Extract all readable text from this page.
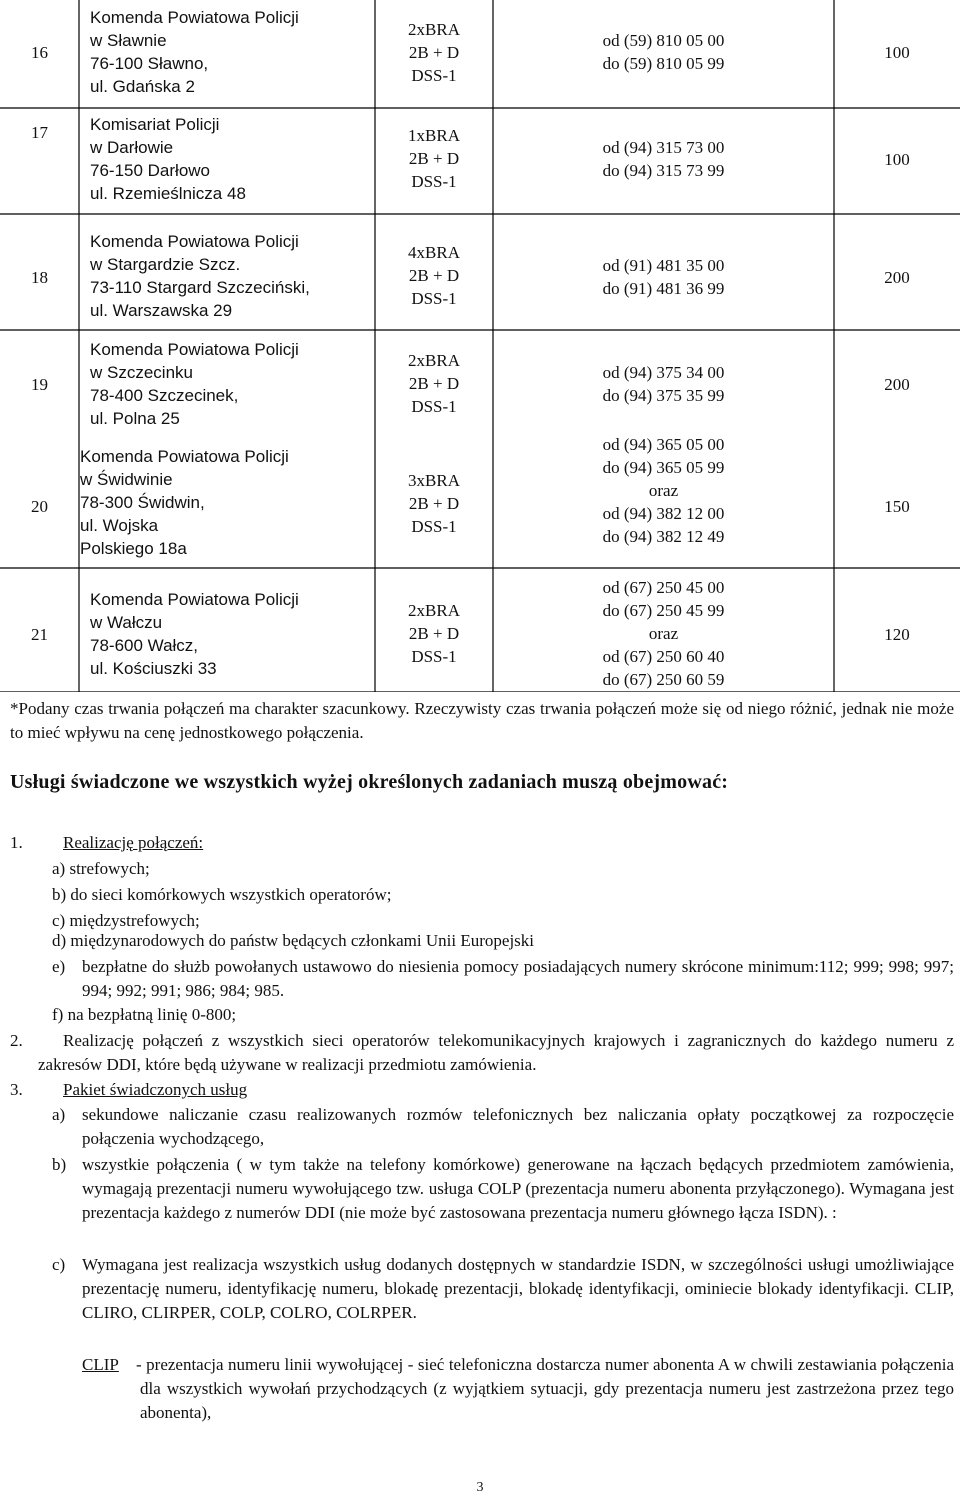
16
Komenda Powiatowa Policji
w Sławnie
76-100 Sławno,
ul. Gdańska 2
2xBRA
2B + D
DSS-1
od (59) 810 05 00
do (59) 810 05 99
100
17	Komisariat Policji
w Darłowie
76-150 Darłowo
ul. Rzemieślnicza 48
1xBRA
2B + D
DSS-1
od (94) 315 73 00
do (94) 315 73 99
100
18
Komenda Powiatowa Policji
w Stargardzie Szcz.
73-110 Stargard Szczeciński,
ul. Warszawska 29
4xBRA
2B + D
DSS-1
od (91) 481 35 00
do (91) 481 36 99
200
19
Komenda Powiatowa Policji
w Szczecinku
78-400 Szczecinek,
ul. Polna 25
2xBRA
2B + D
DSS-1
od (94) 375 34 00
do (94) 375 35 99
200
20
Komenda Powiatowa Policji
w Świdwinie
78-300 Świdwin,
ul. Wojska
Polskiego 18a
3xBRA
2B + D
DSS-1
od (94) 365 05 00
do (94) 365 05 99
oraz
od (94) 382 12 00
do (94) 382 12 49
150
21
Komenda Powiatowa Policji
w Wałczu
78-600 Wałcz,
ul. Kościuszki 33
2xBRA
2B + D
DSS-1
od (67) 250 45 00
do (67) 250 45 99
oraz
od (67) 250 60 40
do (67) 250 60 59
120
*Podany czas trwania połączeń ma charakter szacunkowy. Rzeczywisty czas trwania połączeń może się od niego różnić, jednak nie może to mieć wpływu na cenę jednostkowego połączenia.
Usługi świadczone we wszystkich wyżej określonych zadaniach muszą obejmować:
1. Realizację połączeń:
a) strefowych;
b) do sieci komórkowych wszystkich operatorów;
c) międzystrefowych;
d) międzynarodowych do państw będących członkami Unii Europejski
e) bezpłatne do służb powołanych ustawowo do niesienia pomocy posiadających numery skrócone minimum:112; 999; 998; 997; 994; 992; 991; 986; 984; 985.
f) na bezpłatną linię 0-800;
2.	Realizację połączeń z wszystkich sieci operatorów telekomunikacyjnych krajowych i zagranicznych do każdego numeru z zakresów DDI, które będą używane w realizacji przedmiotu zamówienia.
3. Pakiet świadczonych usług
a) sekundowe naliczanie czasu realizowanych rozmów telefonicznych bez naliczania opłaty początkowej za rozpoczęcie połączenia wychodzącego,
b) wszystkie połączenia ( w tym także na telefony komórkowe) generowane na łączach będących przedmiotem zamówienia, wymagają prezentacji numeru wywołującego tzw. usługa COLP (prezentacja numeru abonenta przyłączonego). Wymagana jest prezentacja każdego z numerów DDI (nie może być zastosowana prezentacja numeru głównego łącza ISDN). :
c) Wymagana jest realizacja wszystkich usług dodanych dostępnych w standardzie ISDN, w szczególności usługi umożliwiające prezentację numeru, identyfikację numeru, blokadę prezentacji, blokadę identyfikacji, ominiecie blokady identyfikacji. CLIP, CLIRO, CLIRPER, COLP, COLRO, COLRPER.
CLIP - prezentacja numeru linii wywołującej - sieć telefoniczna dostarcza numer abonenta A w chwili zestawiania połączenia dla wszystkich wywołań przychodzących (z wyjątkiem sytuacji, gdy prezentacja numeru jest zastrzeżona przez tego abonenta),
3
